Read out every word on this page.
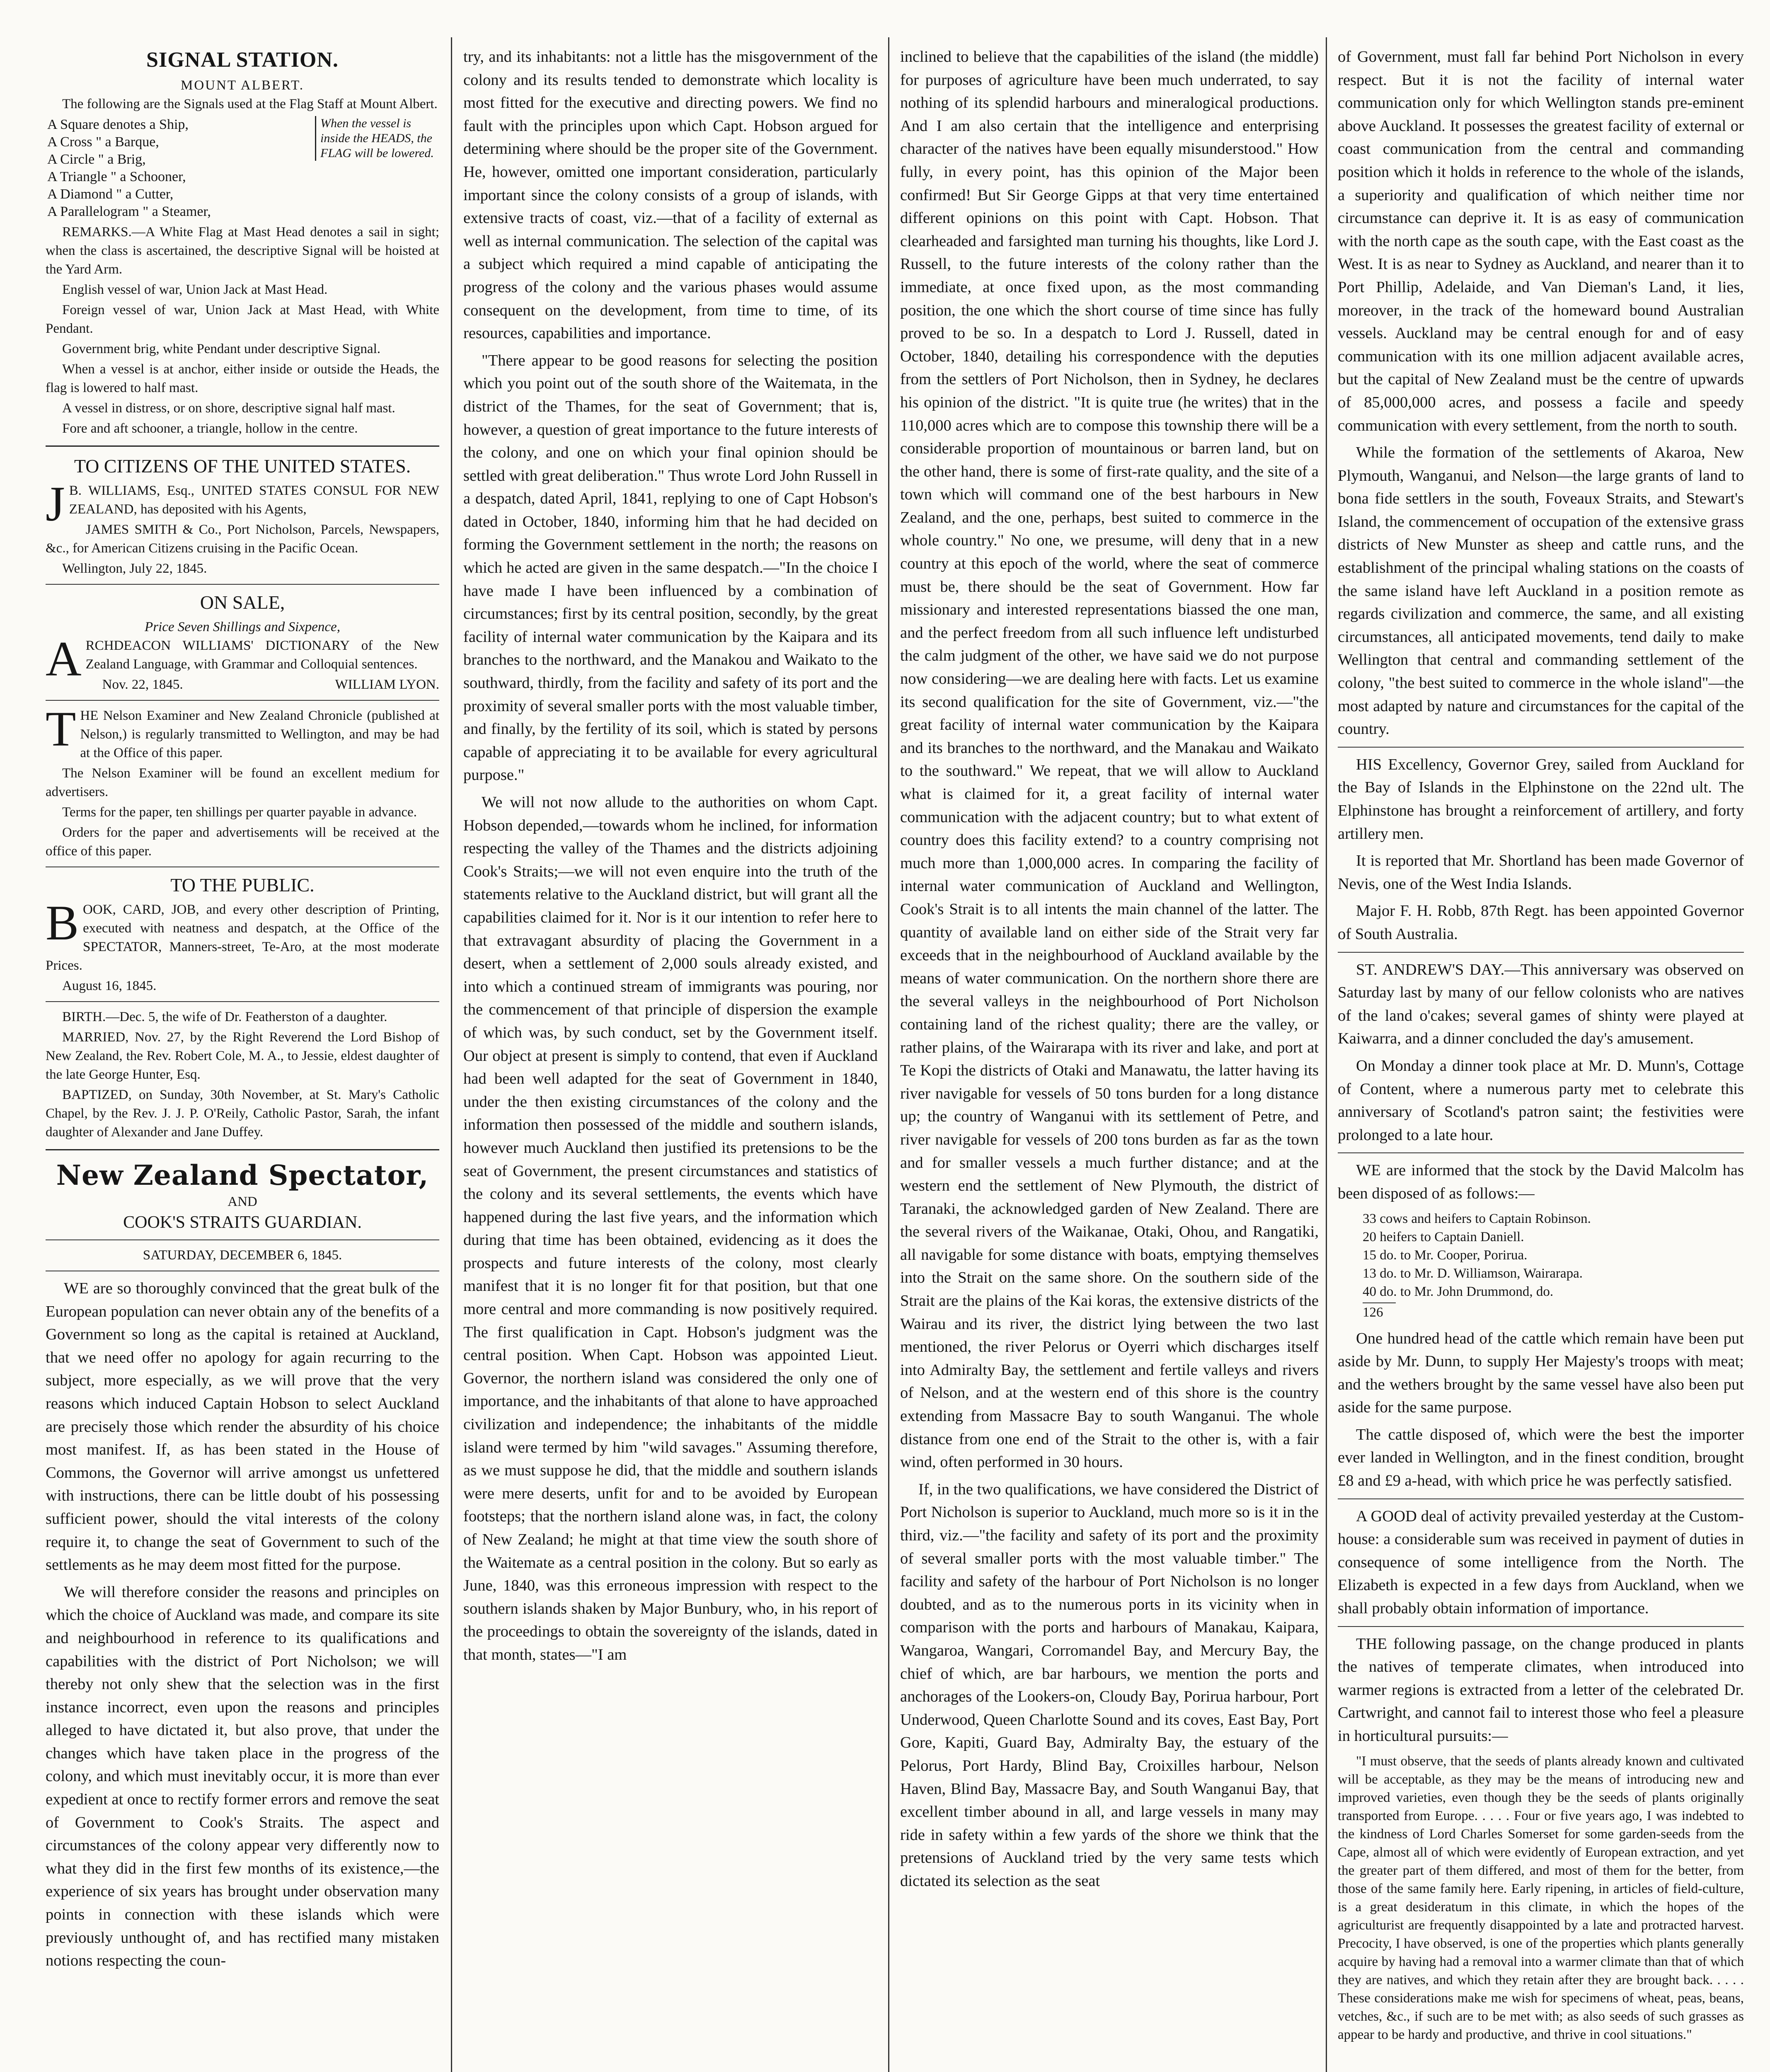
SIGNAL STATION.
MOUNT ALBERT.

The following are the Signals used at the Flag Staff at Mount Albert.

A Square denotes a Ship,
A Cross " a Barque,
A Circle " a Brig,
A Triangle " a Schooner,
A Diamond " a Cutter,
A Parallelogram " a Steamer,

When the vessel is inside the HEADS, the FLAG will be lowered.

REMARKS.—A White Flag at Mast Head denotes a sail in sight; when the class is ascertained, the descriptive Signal will be hoisted at the Yard Arm.

English vessel of war, Union Jack at Mast Head.

Foreign vessel of war, Union Jack at Mast Head, with White Pendant.

Government brig, white Pendant under descriptive Signal.

When a vessel is at anchor, either inside or outside the Heads, the flag is lowered to half mast.

A vessel in distress, or on shore, descriptive signal half mast.

Fore and aft schooner, a triangle, hollow in the centre.

TO CITIZENS OF THE UNITED STATES.

J B. WILLIAMS, Esq., UNITED STATES CONSUL FOR NEW ZEALAND, has deposited with his Agents,

JAMES SMITH & Co., Port Nicholson, Parcels, Newspapers, &c., for American Citizens cruising in the Pacific Ocean.

Wellington, July 22, 1845.

ON SALE,
Price Seven Shillings and Sixpence,

ARCHDEACON WILLIAMS' DICTIONARY of the New Zealand Language, with Grammar and Colloquial sentences.

Nov. 22, 1845.	WILLIAM LYON.

THE Nelson Examiner and New Zealand Chronicle (published at Nelson,) is regularly transmitted to Wellington, and may be had at the Office of this paper.

The Nelson Examiner will be found an excellent medium for advertisers.

Terms for the paper, ten shillings per quarter payable in advance.

Orders for the paper and advertisements will be received at the office of this paper.

TO THE PUBLIC.

BOOK, CARD, JOB, and every other description of Printing, executed with neatness and despatch, at the Office of the SPECTATOR, Manners-street, Te-Aro, at the most moderate Prices.

August 16, 1845.

BIRTH.—Dec. 5, the wife of Dr. Featherston of a daughter.

MARRIED, Nov. 27, by the Right Reverend the Lord Bishop of New Zealand, the Rev. Robert Cole, M. A., to Jessie, eldest daughter of the late George Hunter, Esq.

BAPTIZED, on Sunday, 30th November, at St. Mary's Catholic Chapel, by the Rev. J. J. P. O'Reily, Catholic Pastor, Sarah, the infant daughter of Alexander and Jane Duffey.

New Zealand Spectator,
AND
COOK'S STRAITS GUARDIAN.
SATURDAY, DECEMBER 6, 1845.

WE are so thoroughly convinced that the great bulk of the European population can never obtain any of the benefits of a Government so long as the capital is retained at Auckland, that we need offer no apology for again recurring to the subject, more especially, as we will prove that the very reasons which induced Captain Hobson to select Auckland are precisely those which render the absurdity of his choice most manifest. If, as has been stated in the House of Commons, the Governor will arrive amongst us unfettered with instructions, there can be little doubt of his possessing sufficient power, should the vital interests of the colony require it, to change the seat of Government to such of the settlements as he may deem most fitted for the purpose.

We will therefore consider the reasons and principles on which the choice of Auckland was made, and compare its site and neighbourhood in reference to its qualifications and capabilities with the district of Port Nicholson; we will thereby not only shew that the selection was in the first instance incorrect, even upon the reasons and principles alleged to have dictated it, but also prove, that under the changes which have taken place in the progress of the colony, and which must inevitably occur, it is more than ever expedient at once to rectify former errors and remove the seat of Government to Cook's Straits. The aspect and circumstances of the colony appear very differently now to what they did in the first few months of its existence,—the experience of six years has brought under observation many points in connection with these islands which were previously unthought of, and has rectified many mistaken notions respecting the coun-

try, and its inhabitants: not a little has the misgovernment of the colony and its results tended to demonstrate which locality is most fitted for the executive and directing powers. We find no fault with the principles upon which Capt. Hobson argued for determining where should be the proper site of the Government. He, however, omitted one important consideration, particularly important since the colony consists of a group of islands, with extensive tracts of coast, viz.—that of a facility of external as well as internal communication. The selection of the capital was a subject which required a mind capable of anticipating the progress of the colony and the various phases would assume consequent on the development, from time to time, of its resources, capabilities and importance.

"There appear to be good reasons for selecting the position which you point out of the south shore of the Waitemata, in the district of the Thames, for the seat of Government; that is, however, a question of great importance to the future interests of the colony, and one on which your final opinion should be settled with great deliberation." Thus wrote Lord John Russell in a despatch, dated April, 1841, replying to one of Capt Hobson's dated in October, 1840, informing him that he had decided on forming the Government settlement in the north; the reasons on which he acted are given in the same despatch.—"In the choice I have made I have been influenced by a combination of circumstances; first by its central position, secondly, by the great facility of internal water communication by the Kaipara and its branches to the northward, and the Manakou and Waikato to the southward, thirdly, from the facility and safety of its port and the proximity of several smaller ports with the most valuable timber, and finally, by the fertility of its soil, which is stated by persons capable of appreciating it to be available for every agricultural purpose."

We will not now allude to the authorities on whom Capt. Hobson depended,—towards whom he inclined, for information respecting the valley of the Thames and the districts adjoining Cook's Straits;—we will not even enquire into the truth of the statements relative to the Auckland district, but will grant all the capabilities claimed for it. Nor is it our intention to refer here to that extravagant absurdity of placing the Government in a desert, when a settlement of 2,000 souls already existed, and into which a continued stream of immigrants was pouring, nor the commencement of that principle of dispersion the example of which was, by such conduct, set by the Government itself. Our object at present is simply to contend, that even if Auckland had been well adapted for the seat of Government in 1840, under the then existing circumstances of the colony and the information then possessed of the middle and southern islands, however much Auckland then justified its pretensions to be the seat of Government, the present circumstances and statistics of the colony and its several settlements, the events which have happened during the last five years, and the information which during that time has been obtained, evidencing as it does the prospects and future interests of the colony, most clearly manifest that it is no longer fit for that position, but that one more central and more commanding is now positively required. The first qualification in Capt. Hobson's judgment was the central position. When Capt. Hobson was appointed Lieut. Governor, the northern island was considered the only one of importance, and the inhabitants of that alone to have approached civilization and independence; the inhabitants of the middle island were termed by him "wild savages." Assuming therefore, as we must suppose he did, that the middle and southern islands were mere deserts, unfit for and to be avoided by European footsteps; that the northern island alone was, in fact, the colony of New Zealand; he might at that time view the south shore of the Waitemate as a central position in the colony. But so early as June, 1840, was this erroneous impression with respect to the southern islands shaken by Major Bunbury, who, in his report of the proceedings to obtain the sovereignty of the islands, dated in that month, states—"I am

inclined to believe that the capabilities of the island (the middle) for purposes of agriculture have been much underrated, to say nothing of its splendid harbours and mineralogical productions. And I am also certain that the intelligence and enterprising character of the natives have been equally misunderstood." How fully, in every point, has this opinion of the Major been confirmed! But Sir George Gipps at that very time entertained different opinions on this point with Capt. Hobson. That clearheaded and farsighted man turning his thoughts, like Lord J. Russell, to the future interests of the colony rather than the immediate, at once fixed upon, as the most commanding position, the one which the short course of time since has fully proved to be so. In a despatch to Lord J. Russell, dated in October, 1840, detailing his correspondence with the deputies from the settlers of Port Nicholson, then in Sydney, he declares his opinion of the district. "It is quite true (he writes) that in the 110,000 acres which are to compose this township there will be a considerable proportion of mountainous or barren land, but on the other hand, there is some of first-rate quality, and the site of a town which will command one of the best harbours in New Zealand, and the one, perhaps, best suited to commerce in the whole country." No one, we presume, will deny that in a new country at this epoch of the world, where the seat of commerce must be, there should be the seat of Government. How far missionary and interested representations biassed the one man, and the perfect freedom from all such influence left undisturbed the calm judgment of the other, we have said we do not purpose now considering—we are dealing here with facts. Let us examine its second qualification for the site of Government, viz.—"the great facility of internal water communication by the Kaipara and its branches to the northward, and the Manakau and Waikato to the southward." We repeat, that we will allow to Auckland what is claimed for it, a great facility of internal water communication with the adjacent country; but to what extent of country does this facility extend? to a country comprising not much more than 1,000,000 acres. In comparing the facility of internal water communication of Auckland and Wellington, Cook's Strait is to all intents the main channel of the latter. The quantity of available land on either side of the Strait very far exceeds that in the neighbourhood of Auckland available by the means of water communication. On the northern shore there are the several valleys in the neighbourhood of Port Nicholson containing land of the richest quality; there are the valley, or rather plains, of the Wairarapa with its river and lake, and port at Te Kopi the districts of Otaki and Manawatu, the latter having its river navigable for vessels of 50 tons burden for a long distance up; the country of Wanganui with its settlement of Petre, and river navigable for vessels of 200 tons burden as far as the town and for smaller vessels a much further distance; and at the western end the settlement of New Plymouth, the district of Taranaki, the acknowledged garden of New Zealand. There are the several rivers of the Waikanae, Otaki, Ohou, and Rangatiki, all navigable for some distance with boats, emptying themselves into the Strait on the same shore. On the southern side of the Strait are the plains of the Kai koras, the extensive districts of the Wairau and its river, the district lying between the two last mentioned, the river Pelorus or Oyerri which discharges itself into Admiralty Bay, the settlement and fertile valleys and rivers of Nelson, and at the western end of this shore is the country extending from Massacre Bay to south Wanganui. The whole distance from one end of the Strait to the other is, with a fair wind, often performed in 30 hours.

If, in the two qualifications, we have considered the District of Port Nicholson is superior to Auckland, much more so is it in the third, viz.—"the facility and safety of its port and the proximity of several smaller ports with the most valuable timber." The facility and safety of the harbour of Port Nicholson is no longer doubted, and as to the numerous ports in its vicinity when in comparison with the ports and harbours of Manakau, Kaipara, Wangaroa, Wangari, Corromandel Bay, and Mercury Bay, the chief of which, are bar harbours, we mention the ports and anchorages of the Lookers-on, Cloudy Bay, Porirua harbour, Port Underwood, Queen Charlotte Sound and its coves, East Bay, Port Gore, Kapiti, Guard Bay, Admiralty Bay, the estuary of the Pelorus, Port Hardy, Blind Bay, Croixilles harbour, Nelson Haven, Blind Bay, Massacre Bay, and South Wanganui Bay, that excellent timber abound in all, and large vessels in many may ride in safety within a few yards of the shore we think that the pretensions of Auckland tried by the very same tests which dictated its selection as the seat

of Government, must fall far behind Port Nicholson in every respect. But it is not the facility of internal water communication only for which Wellington stands pre-eminent above Auckland. It possesses the greatest facility of external or coast communication from the central and commanding position which it holds in reference to the whole of the islands, a superiority and qualification of which neither time nor circumstance can deprive it. It is as easy of communication with the north cape as the south cape, with the East coast as the West. It is as near to Sydney as Auckland, and nearer than it to Port Phillip, Adelaide, and Van Dieman's Land, it lies, moreover, in the track of the homeward bound Australian vessels. Auckland may be central enough for and of easy communication with its one million adjacent available acres, but the capital of New Zealand must be the centre of upwards of 85,000,000 acres, and possess a facile and speedy communication with every settlement, from the north to south.

While the formation of the settlements of Akaroa, New Plymouth, Wanganui, and Nelson—the large grants of land to bona fide settlers in the south, Foveaux Straits, and Stewart's Island, the commencement of occupation of the extensive grass districts of New Munster as sheep and cattle runs, and the establishment of the principal whaling stations on the coasts of the same island have left Auckland in a position remote as regards civilization and commerce, the same, and all existing circumstances, all anticipated movements, tend daily to make Wellington that central and commanding settlement of the colony, "the best suited to commerce in the whole island"—the most adapted by nature and circumstances for the capital of the country.

HIS Excellency, Governor Grey, sailed from Auckland for the Bay of Islands in the Elphinstone on the 22nd ult. The Elphinstone has brought a reinforcement of artillery, and forty artillery men.

It is reported that Mr. Shortland has been made Governor of Nevis, one of the West India Islands.

Major F. H. Robb, 87th Regt. has been appointed Governor of South Australia.

ST. ANDREW'S DAY.—This anniversary was observed on Saturday last by many of our fellow colonists who are natives of the land o'cakes; several games of shinty were played at Kaiwarra, and a dinner concluded the day's amusement.

On Monday a dinner took place at Mr. D. Munn's, Cottage of Content, where a numerous party met to celebrate this anniversary of Scotland's patron saint; the festivities were prolonged to a late hour.

WE are informed that the stock by the David Malcolm has been disposed of as follows:—

33 cows and heifers to Captain Robinson.
20 heifers to Captain Daniell.
15 do. to Mr. Cooper, Porirua.
13 do. to Mr. D. Williamson, Wairarapa.
40 do. to Mr. John Drummond, do.
126

One hundred head of the cattle which remain have been put aside by Mr. Dunn, to supply Her Majesty's troops with meat; and the wethers brought by the same vessel have also been put aside for the same purpose.

The cattle disposed of, which were the best the importer ever landed in Wellington, and in the finest condition, brought £8 and £9 a-head, with which price he was perfectly satisfied.

A GOOD deal of activity prevailed yesterday at the Custom-house: a considerable sum was received in payment of duties in consequence of some intelligence from the North. The Elizabeth is expected in a few days from Auckland, when we shall probably obtain information of importance.

THE following passage, on the change produced in plants the natives of temperate climates, when introduced into warmer regions is extracted from a letter of the celebrated Dr. Cartwright, and cannot fail to interest those who feel a pleasure in horticultural pursuits:—

"I must observe, that the seeds of plants already known and cultivated will be acceptable, as they may be the means of introducing new and improved varieties, even though they be the seeds of plants originally transported from Europe. . . . . Four or five years ago, I was indebted to the kindness of Lord Charles Somerset for some garden-seeds from the Cape, almost all of which were evidently of European extraction, and yet the greater part of them differed, and most of them for the better, from those of the same family here. Early ripening, in articles of field-culture, is a great desideratum in this climate, in which the hopes of the agriculturist are frequently disappointed by a late and protracted harvest. Precocity, I have observed, is one of the properties which plants generally acquire by having had a removal into a warmer climate than that of which they are natives, and which they retain after they are brought back. . . . . These considerations make me wish for specimens of wheat, peas, beans, vetches, &c., if such are to be met with; as also seeds of such grasses as appear to be hardy and productive, and thrive in cool situations."
